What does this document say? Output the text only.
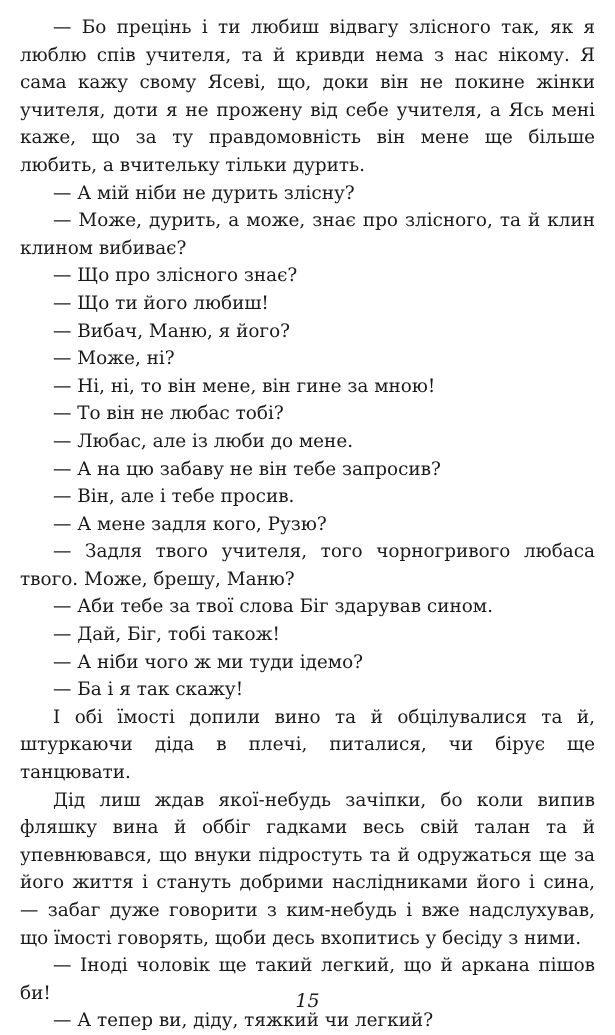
— Бо прецінь і ти любиш відвагу злісного так, як я люблю спів учителя, та й кривди нема з нас нікому. Я сама кажу свому Ясеві, що, доки він не покине жінки учителя, доти я не прожену від себе учителя, а Ясь мені каже, що за ту правдомовність він мене ще більше любить, а вчительку тільки дурить.

— А мій ніби не дурить злісну?

— Може, дурить, а може, знає про злісного, та й клин клином вибиває?

— Що про злісного знає?

— Що ти його любиш!

— Вибач, Маню, я його?

— Може, ні?

— Ні, ні, то він мене, він гине за мною!

— То він не любас тобі?

— Любас, але із люби до мене.

— А на цю забаву не він тебе запросив?

— Він, але і тебе просив.

— А мене задля кого, Рузю?

— Задля твого учителя, того чорногривого любаса твого. Може, брешу, Маню?

— Аби тебе за твої слова Біг здарував сином.

— Дай, Біг, тобі також!

— А ніби чого ж ми туди ідемо?

— Ба і я так скажу!

І обі їмості допили вино та й обцілувалися та й, штуркаючи діда в плечі, питалися, чи бірує ще танцювати.

Дід лиш ждав якої-небудь зачіпки, бо коли випив фляшку вина й оббіг гадками весь свій талан та й упевнювався, що внуки підростуть та й одружаться ще за його життя і стануть добрими наслідниками його і сина, — забаг дуже говорити з ким-небудь і вже надслухував, що їмості говорять, щоби десь вхопитись у бесіду з ними.

— Іноді чоловік ще такий легкий, що й аркана пішов би!

— А тепер ви, діду, тяжкий чи легкий?

15
